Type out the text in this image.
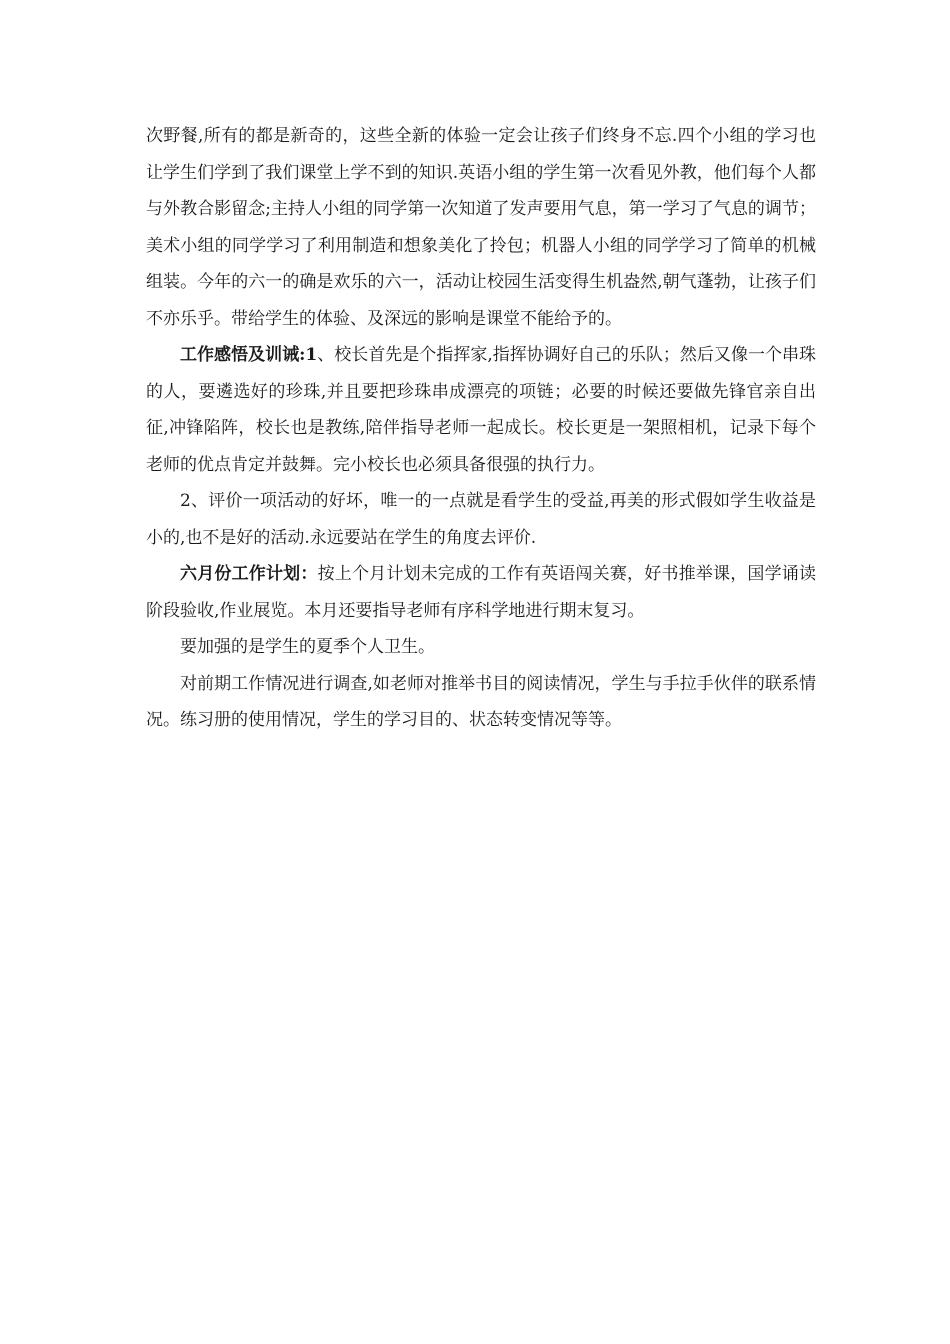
次野餐,所有的都是新奇的，这些全新的体验一定会让孩子们终身不忘.四个小组的学习也让学生们学到了我们课堂上学不到的知识.英语小组的学生第一次看见外教，他们每个人都与外教合影留念;主持人小组的同学第一次知道了发声要用气息，第一学习了气息的调节；美术小组的同学学习了利用制造和想象美化了拎包；机器人小组的同学学习了简单的机械组装。今年的六一的确是欢乐的六一，活动让校园生活变得生机盎然,朝气蓬勃，让孩子们不亦乐乎。带给学生的体验、及深远的影响是课堂不能给予的。

工作感悟及训诫:1、校长首先是个指挥家,指挥协调好自己的乐队；然后又像一个串珠的人，要遴选好的珍珠,并且要把珍珠串成漂亮的项链；必要的时候还要做先锋官亲自出征,冲锋陷阵，校长也是教练,陪伴指导老师一起成长。校长更是一架照相机，记录下每个老师的优点肯定并鼓舞。完小校长也必须具备很强的执行力。

2、评价一项活动的好坏，唯一的一点就是看学生的受益,再美的形式假如学生收益是小的,也不是好的活动.永远要站在学生的角度去评价.

六月份工作计划：按上个月计划未完成的工作有英语闯关赛，好书推举课，国学诵读阶段验收,作业展览。本月还要指导老师有序科学地进行期末复习。

要加强的是学生的夏季个人卫生。

对前期工作情况进行调查,如老师对推举书目的阅读情况，学生与手拉手伙伴的联系情况。练习册的使用情况，学生的学习目的、状态转变情况等等。
